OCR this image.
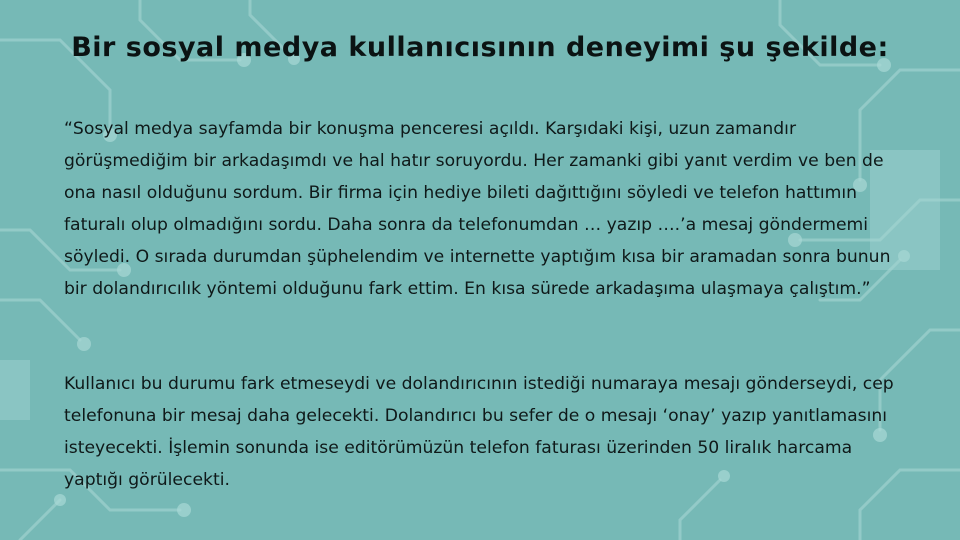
Bir sosyal medya kullanıcısının deneyimi şu şekilde:

“Sosyal medya sayfamda bir konuşma penceresi açıldı. Karşıdaki kişi, uzun zamandır görüşmediğim bir arkadaşımdı ve hal hatır soruyordu. Her zamanki gibi yanıt verdim ve ben de ona nasıl olduğunu sordum. Bir firma için hediye bileti dağıttığını söyledi ve telefon hattımın faturalı olup olmadığını sordu. Daha sonra da telefonumdan … yazıp ….’a mesaj göndermemi söyledi. O sırada durumdan şüphelendim ve internette yaptığım kısa bir aramadan sonra bunun bir dolandırıcılık yöntemi olduğunu fark ettim. En kısa sürede arkadaşıma ulaşmaya çalıştım.”

Kullanıcı bu durumu fark etmeseydi ve dolandırıcının istediği numaraya mesajı gönderseydi, cep telefonuna bir mesaj daha gelecekti. Dolandırıcı bu sefer de o mesajı ‘onay’ yazıp yanıtlamasını isteyecekti. İşlemin sonunda ise editörümüzün telefon faturası üzerinden 50 liralık harcama yaptığı görülecekti.
